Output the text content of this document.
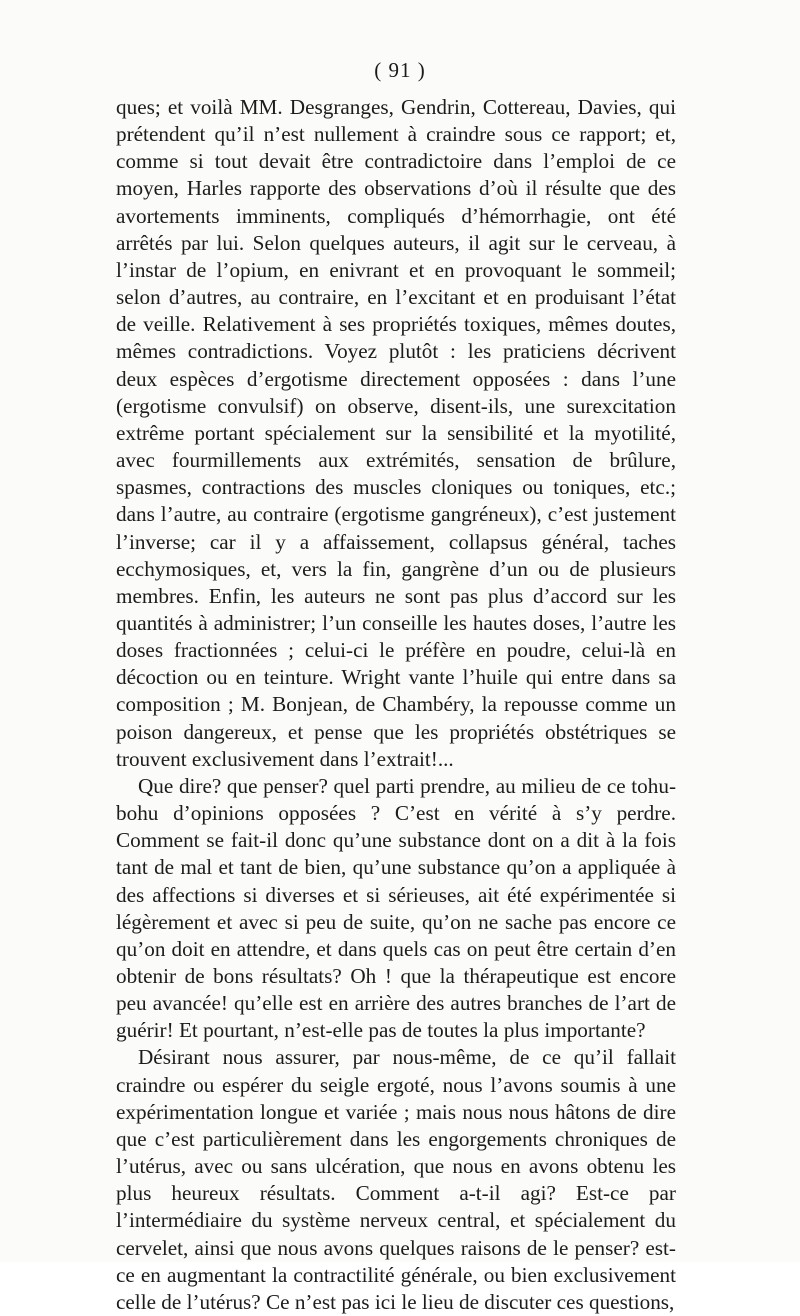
( 91 )

ques; et voilà MM. Desgranges, Gendrin, Cottereau, Davies, qui prétendent qu’il n’est nullement à craindre sous ce rapport; et, comme si tout devait être contradictoire dans l’emploi de ce moyen, Harles rapporte des observations d’où il résulte que des avortements imminents, compliqués d’hémorrhagie, ont été arrêtés par lui. Selon quelques auteurs, il agit sur le cerveau, à l’instar de l’opium, en enivrant et en provoquant le sommeil; selon d’autres, au contraire, en l’excitant et en produisant l’état de veille. Relativement à ses propriétés toxiques, mêmes doutes, mêmes contradictions. Voyez plutôt : les praticiens décrivent deux espèces d’ergotisme directement opposées : dans l’une (ergotisme convulsif) on observe, disent-ils, une surexcitation extrême portant spécialement sur la sensibilité et la myotilité, avec fourmillements aux extrémités, sensation de brûlure, spasmes, contractions des muscles cloniques ou toniques, etc.; dans l’autre, au contraire (ergotisme gangréneux), c’est justement l’inverse; car il y a affaissement, collapsus général, taches ecchymosiques, et, vers la fin, gangrène d’un ou de plusieurs membres. Enfin, les auteurs ne sont pas plus d’accord sur les quantités à administrer; l’un conseille les hautes doses, l’autre les doses fractionnées ; celui-ci le préfère en poudre, celui-là en décoction ou en teinture. Wright vante l’huile qui entre dans sa composition ; M. Bonjean, de Chambéry, la repousse comme un poison dangereux, et pense que les propriétés obstétriques se trouvent exclusivement dans l’extrait!...

Que dire? que penser? quel parti prendre, au milieu de ce tohu-bohu d’opinions opposées ? C’est en vérité à s’y perdre. Comment se fait-il donc qu’une substance dont on a dit à la fois tant de mal et tant de bien, qu’une substance qu’on a appliquée à des affections si diverses et si sérieuses, ait été expérimentée si légèrement et avec si peu de suite, qu’on ne sache pas encore ce qu’on doit en attendre, et dans quels cas on peut être certain d’en obtenir de bons résultats? Oh ! que la thérapeutique est encore peu avancée! qu’elle est en arrière des autres branches de l’art de guérir! Et pourtant, n’est-elle pas de toutes la plus importante?

Désirant nous assurer, par nous-même, de ce qu’il fallait craindre ou espérer du seigle ergoté, nous l’avons soumis à une expérimentation longue et variée ; mais nous nous hâtons de dire que c’est particulièrement dans les engorgements chroniques de l’utérus, avec ou sans ulcération, que nous en avons obtenu les plus heureux résultats. Comment a-t-il agi? Est-ce par l’intermédiaire du système nerveux central, et spécialement du cervelet, ainsi que nous avons quelques raisons de le penser? est-ce en augmentant la contractilité générale, ou bien exclusivement celle de l’utérus? Ce n’est pas ici le lieu de discuter ces questions,
